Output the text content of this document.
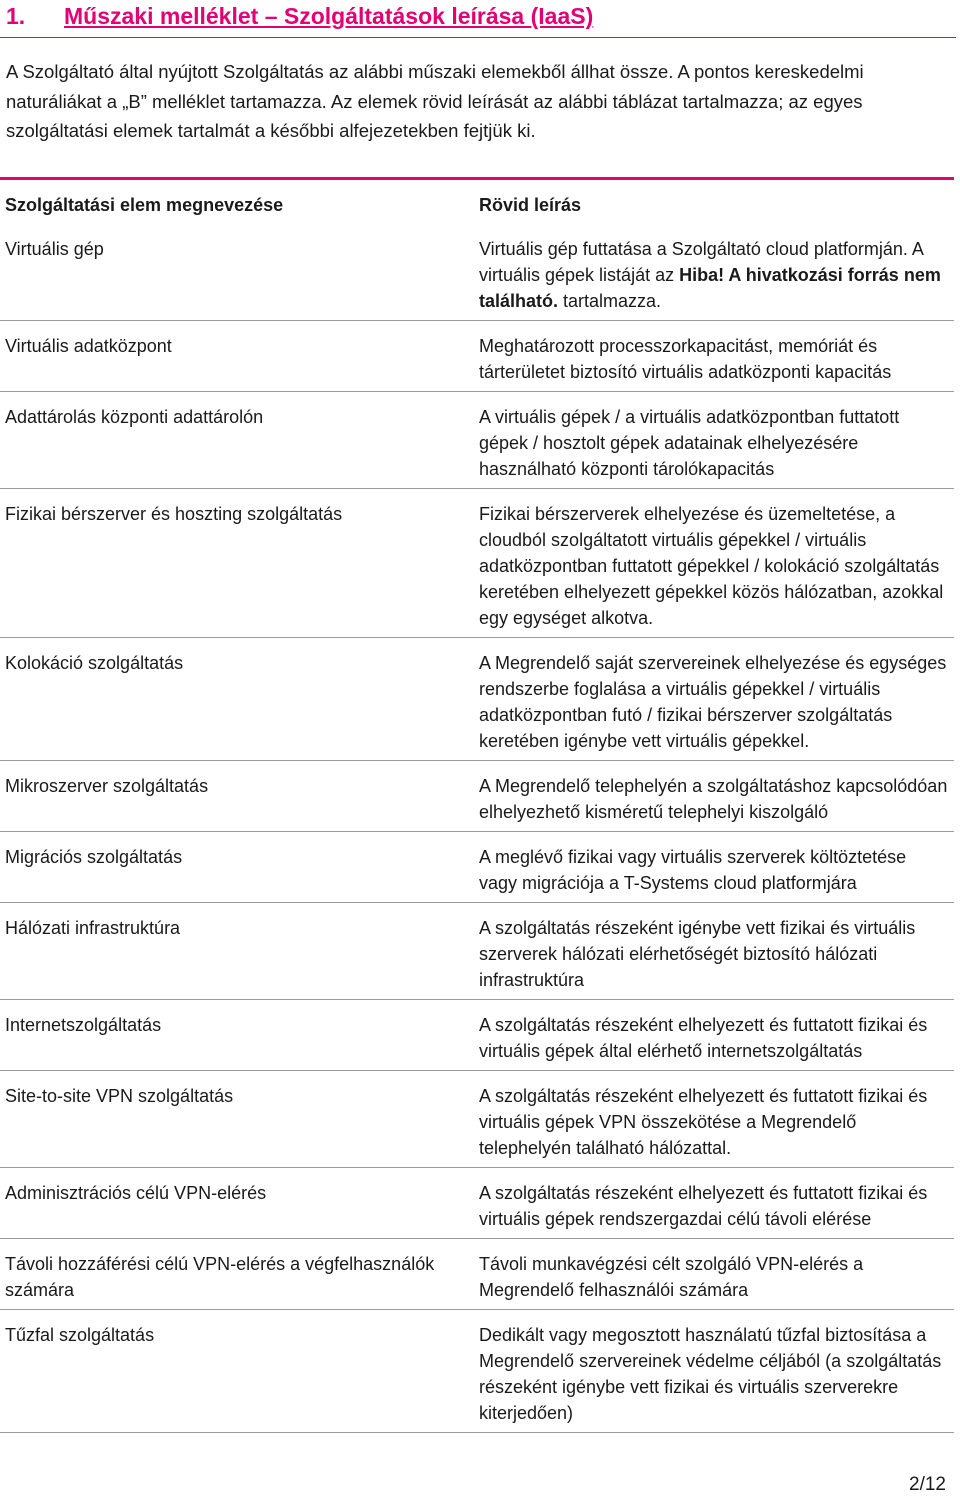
1. Műszaki melléklet – Szolgáltatások leírása (IaaS)

A Szolgáltató által nyújtott Szolgáltatás az alábbi műszaki elemekből állhat össze. A pontos kereskedelmi naturáliákat a „B” melléklet tartamazza. Az elemek rövid leírását az alábbi táblázat tartalmazza; az egyes szolgáltatási elemek tartalmát a későbbi alfejezetekben fejtjük ki.

Szolgáltatási elem megnevezése	Rövid leírás
Virtuális gép	Virtuális gép futtatása a Szolgáltató cloud platformján. A virtuális gépek listáját az Hiba! A hivatkozási forrás nem található. tartalmazza.
Virtuális adatközpont	Meghatározott processzorkapacitást, memóriát és tárterületet biztosító virtuális adatközponti kapacitás
Adattárolás központi adattárolón	A virtuális gépek / a virtuális adatközpontban futtatott gépek / hosztolt gépek adatainak elhelyezésére használható központi tárolókapacitás
Fizikai bérszerver és hoszting szolgáltatás	Fizikai bérszerverek elhelyezése és üzemeltetése, a cloudból szolgáltatott virtuális gépekkel / virtuális adatközpontban futtatott gépekkel / kolokáció szolgáltatás keretében elhelyezett gépekkel közös hálózatban, azokkal egy egységet alkotva.
Kolokáció szolgáltatás	A Megrendelő saját szervereinek elhelyezése és egységes rendszerbe foglalása a virtuális gépekkel / virtuális adatközpontban futó / fizikai bérszerver szolgáltatás keretében igénybe vett virtuális gépekkel.
Mikroszerver szolgáltatás	A Megrendelő telephelyén a szolgáltatáshoz kapcsolódóan elhelyezhető kisméretű telephelyi kiszolgáló
Migrációs szolgáltatás	A meglévő fizikai vagy virtuális szerverek költöztetése vagy migrációja a T-Systems cloud platformjára
Hálózati infrastruktúra	A szolgáltatás részeként igénybe vett fizikai és virtuális szerverek hálózati elérhetőségét biztosító hálózati infrastruktúra
Internetszolgáltatás	A szolgáltatás részeként elhelyezett és futtatott fizikai és virtuális gépek által elérhető internetszolgáltatás
Site-to-site VPN szolgáltatás	A szolgáltatás részeként elhelyezett és futtatott fizikai és virtuális gépek VPN összekötése a Megrendelő telephelyén található hálózattal.
Adminisztrációs célú VPN-elérés	A szolgáltatás részeként elhelyezett és futtatott fizikai és virtuális gépek rendszergazdai célú távoli elérése
Távoli hozzáférési célú VPN-elérés a végfelhasználók számára	Távoli munkavégzési célt szolgáló VPN-elérés a Megrendelő felhasználói számára
Tűzfal szolgáltatás	Dedikált vagy megosztott használatú tűzfal biztosítása a Megrendelő szervereinek védelme céljából (a szolgáltatás részeként igénybe vett fizikai és virtuális szerverekre kiterjedően)
2/12
